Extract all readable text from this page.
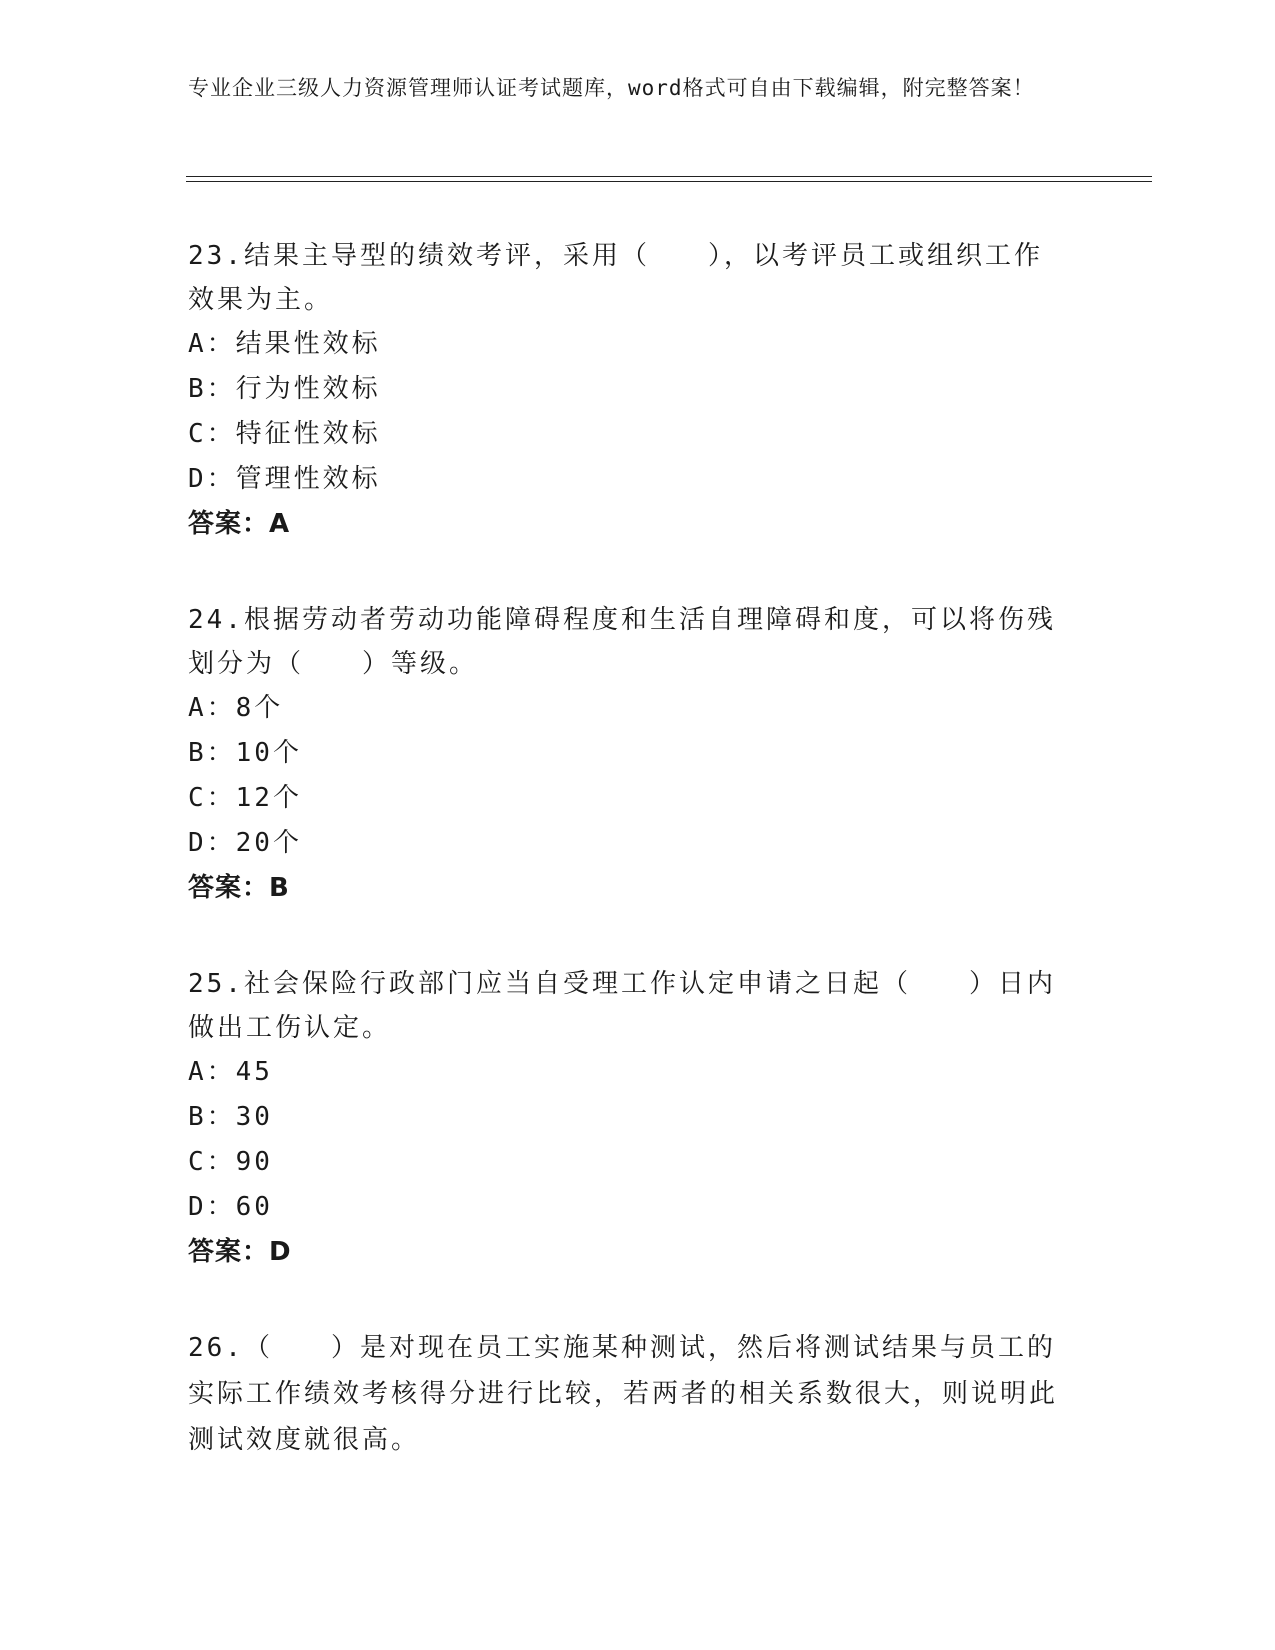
专业企业三级人力资源管理师认证考试题库，word格式可自由下载编辑，附完整答案！

23.结果主导型的绩效考评，采用（　　），以考评员工或组织工作效果为主。

A：结果性效标

B：行为性效标

C：特征性效标

D：管理性效标

答案：A

24.根据劳动者劳动功能障碍程度和生活自理障碍和度，可以将伤残划分为（　　）等级。

A：8个

B：10个

C：12个

D：20个

答案：B

25.社会保险行政部门应当自受理工作认定申请之日起（　　）日内做出工伤认定。

A：45

B：30

C：90

D：60

答案：D

26.（　　）是对现在员工实施某种测试，然后将测试结果与员工的实际工作绩效考核得分进行比较，若两者的相关系数很大，则说明此测试效度就很高。
